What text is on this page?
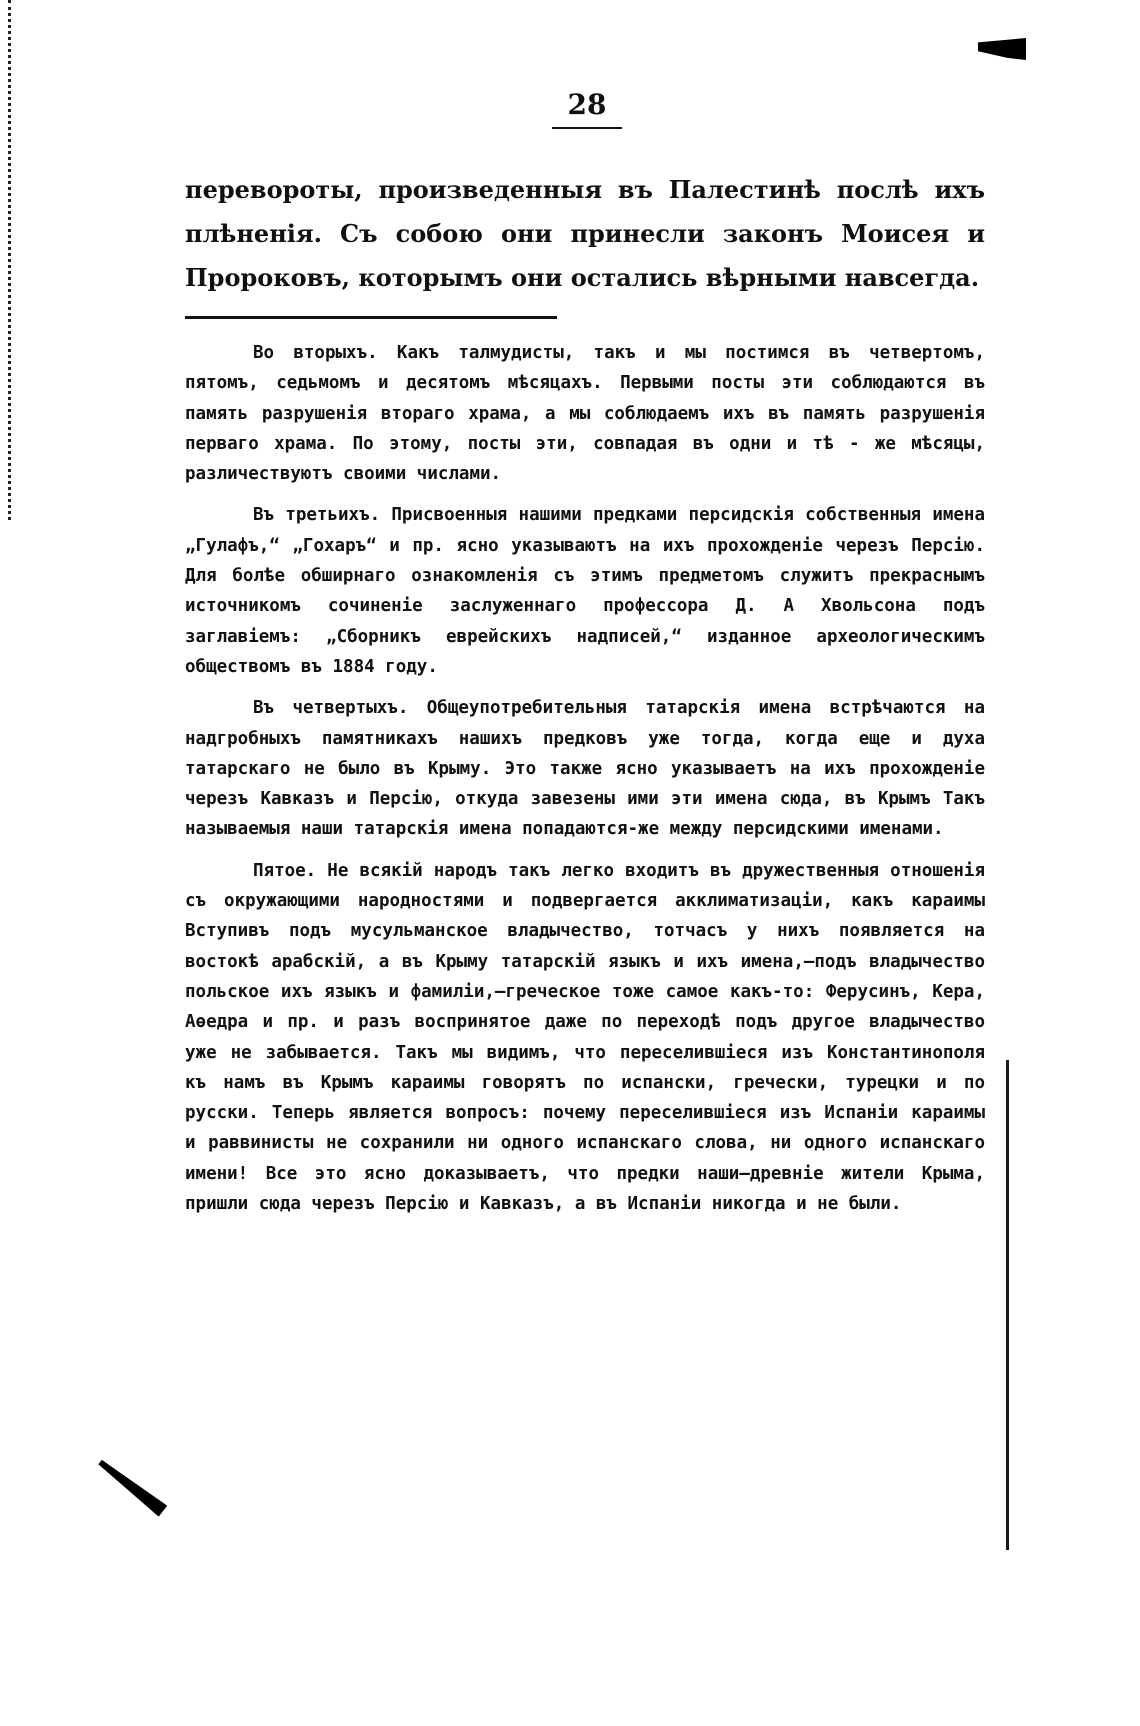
28

перевороты, произведенныя въ Палестинѣ послѣ ихъ плѣненія. Съ собою они принесли законъ Моисея и Пророковъ, которымъ они остались вѣрными навсегда.

Во вторыхъ. Какъ талмудисты, такъ и мы постимся въ четвертомъ, пятомъ, седьмомъ и десятомъ мѣсяцахъ. Первыми посты эти соблюдаются въ память разрушенія втораго храма, а мы соблюдаемъ ихъ въ память разрушенія перваго храма. По этому, посты эти, совпадая въ одни и тѣ - же мѣсяцы, различествуютъ своими числами.

Въ третьихъ. Присвоенныя нашими предками персидскія собственныя имена „Гулафъ,“ „Гохаръ“ и пр. ясно указываютъ на ихъ прохожденіе черезъ Персію. Для болѣе обширнаго ознакомленія съ этимъ предметомъ служитъ прекраснымъ источникомъ сочиненіе заслуженнаго профессора Д. А Хвольсона подъ заглавіемъ: „Сборникъ еврейскихъ надписей,“ изданное археологическимъ обществомъ въ 1884 году.

Въ четвертыхъ. Общеупотребительныя татарскія имена встрѣчаются на надгробныхъ памятникахъ нашихъ предковъ уже тогда, когда еще и духа татарскаго не было въ Крыму. Это также ясно указываетъ на ихъ прохожденіе черезъ Кавказъ и Персію, откуда завезены ими эти имена сюда, въ Крымъ Такъ называемыя наши татарскія имена попадаются-же между персидскими именами.

Пятое. Не всякій народъ такъ легко входитъ въ дружественныя отношенія съ окружающими народностями и подвергается акклиматизаціи, какъ караимы Вступивъ подъ мусульманское владычество, тотчасъ у нихъ появляется на востокѣ арабскій, а въ Крыму татарскій языкъ и ихъ имена,—подъ владычество польское ихъ языкъ и фамиліи,—греческое тоже самое какъ-то: Ферусинъ, Кера, Аѳедра и пр. и разъ воспринятое даже по переходѣ подъ другое владычество уже не забывается. Такъ мы видимъ, что переселившіеся изъ Константинополя къ намъ въ Крымъ караимы говорятъ по испански, гречески, турецки и по русски. Теперь является вопросъ: почему переселившіеся изъ Испаніи караимы и раввинисты не сохранили ни одного испанскаго слова, ни одного испанскаго имени! Все это ясно доказываетъ, что предки наши—древніе жители Крыма, пришли сюда черезъ Персію и Кавказъ, а въ Испаніи никогда и не были.
